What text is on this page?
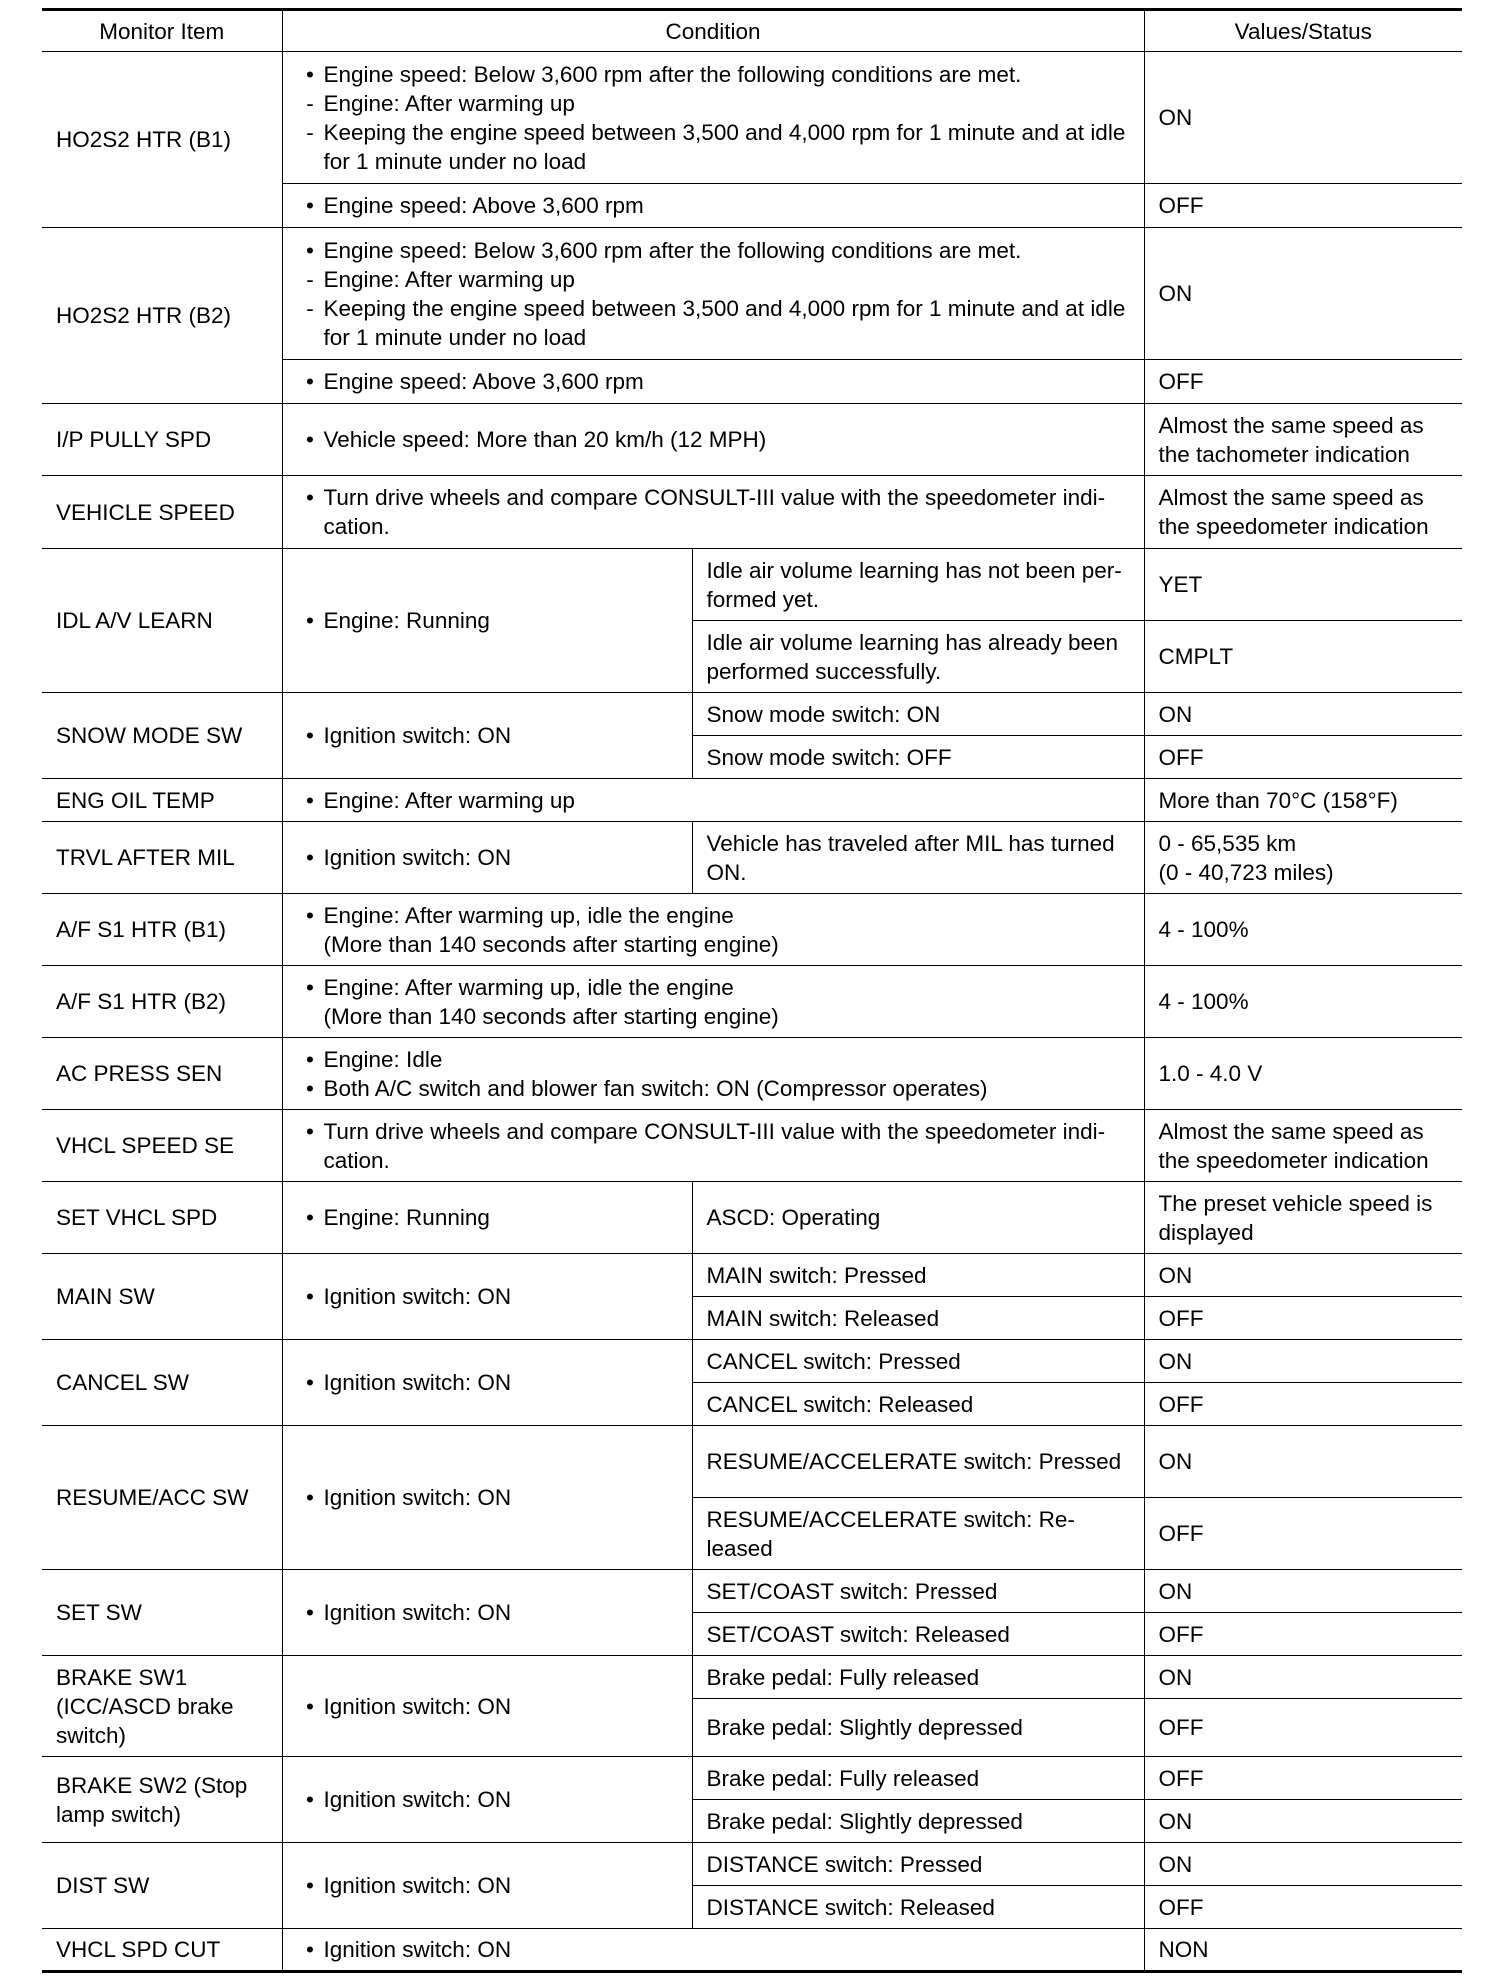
Monitor Item	Condition		Values/Status
HO2S2 HTR (B1)	• Engine speed: Below 3,600 rpm after the following conditions are met.
- Engine: After warming up
- Keeping the engine speed between 3,500 and 4,000 rpm for 1 minute and at idle for 1 minute under no load		ON

	• Engine speed: Above 3,600 rpm		OFF
HO2S2 HTR (B2)	• Engine speed: Below 3,600 rpm after the following conditions are met.
- Engine: After warming up
- Keeping the engine speed between 3,500 and 4,000 rpm for 1 minute and at idle for 1 minute under no load		ON

	• Engine speed: Above 3,600 rpm		OFF
I/P PULLY SPD	• Vehicle speed: More than 20 km/h (12 MPH)		Almost the same speed as
the tachometer indication

VEHICLE SPEED	• Turn drive wheels and compare CONSULT-III value with the speedometer indi-cation.		Almost the same speed as
the speedometer indication

IDL A/V LEARN	• Engine: Running	Idle air volume learning has not been per-formed yet.	YET
		Idle air volume learning has already been performed successfully.	CMPLT
SNOW MODE SW	• Ignition switch: ON	Snow mode switch: ON	ON
		Snow mode switch: OFF	OFF
ENG OIL TEMP	• Engine: After warming up		More than 70°C (158°F)

TRVL AFTER MIL	• Ignition switch: ON	Vehicle has traveled after MIL has turned ON.	0 - 65,535 km
(0 - 40,723 miles)

A/F S1 HTR (B1)	• Engine: After warming up, idle the engine
(More than 140 seconds after starting engine)		4 - 100%

A/F S1 HTR (B2)	• Engine: After warming up, idle the engine
(More than 140 seconds after starting engine)		4 - 100%

AC PRESS SEN	• Engine: Idle
• Both A/C switch and blower fan switch: ON (Compressor operates)		1.0 - 4.0 V

VHCL SPEED SE	• Turn drive wheels and compare CONSULT-III value with the speedometer indi-cation.		Almost the same speed as
the speedometer indication

SET VHCL SPD	• Engine: Running	ASCD: Operating	The preset vehicle speed is
displayed

MAIN SW	• Ignition switch: ON	MAIN switch: Pressed	ON
		MAIN switch: Released	OFF
CANCEL SW	• Ignition switch: ON	CANCEL switch: Pressed	ON
		CANCEL switch: Released	OFF
RESUME/ACC SW	• Ignition switch: ON	RESUME/ACCELERATE switch: Pressed	ON
		RESUME/ACCELERATE switch: Re-leased	OFF
SET SW	• Ignition switch: ON	SET/COAST switch: Pressed	ON
		SET/COAST switch: Released	OFF
BRAKE SW1 (ICC/ASCD brake switch)	• Ignition switch: ON	Brake pedal: Fully released	ON
		Brake pedal: Slightly depressed	OFF
BRAKE SW2 (Stop lamp switch)	• Ignition switch: ON	Brake pedal: Fully released	OFF
		Brake pedal: Slightly depressed	ON
DIST SW	• Ignition switch: ON	DISTANCE switch: Pressed	ON
		DISTANCE switch: Released	OFF
VHCL SPD CUT	• Ignition switch: ON		NON
